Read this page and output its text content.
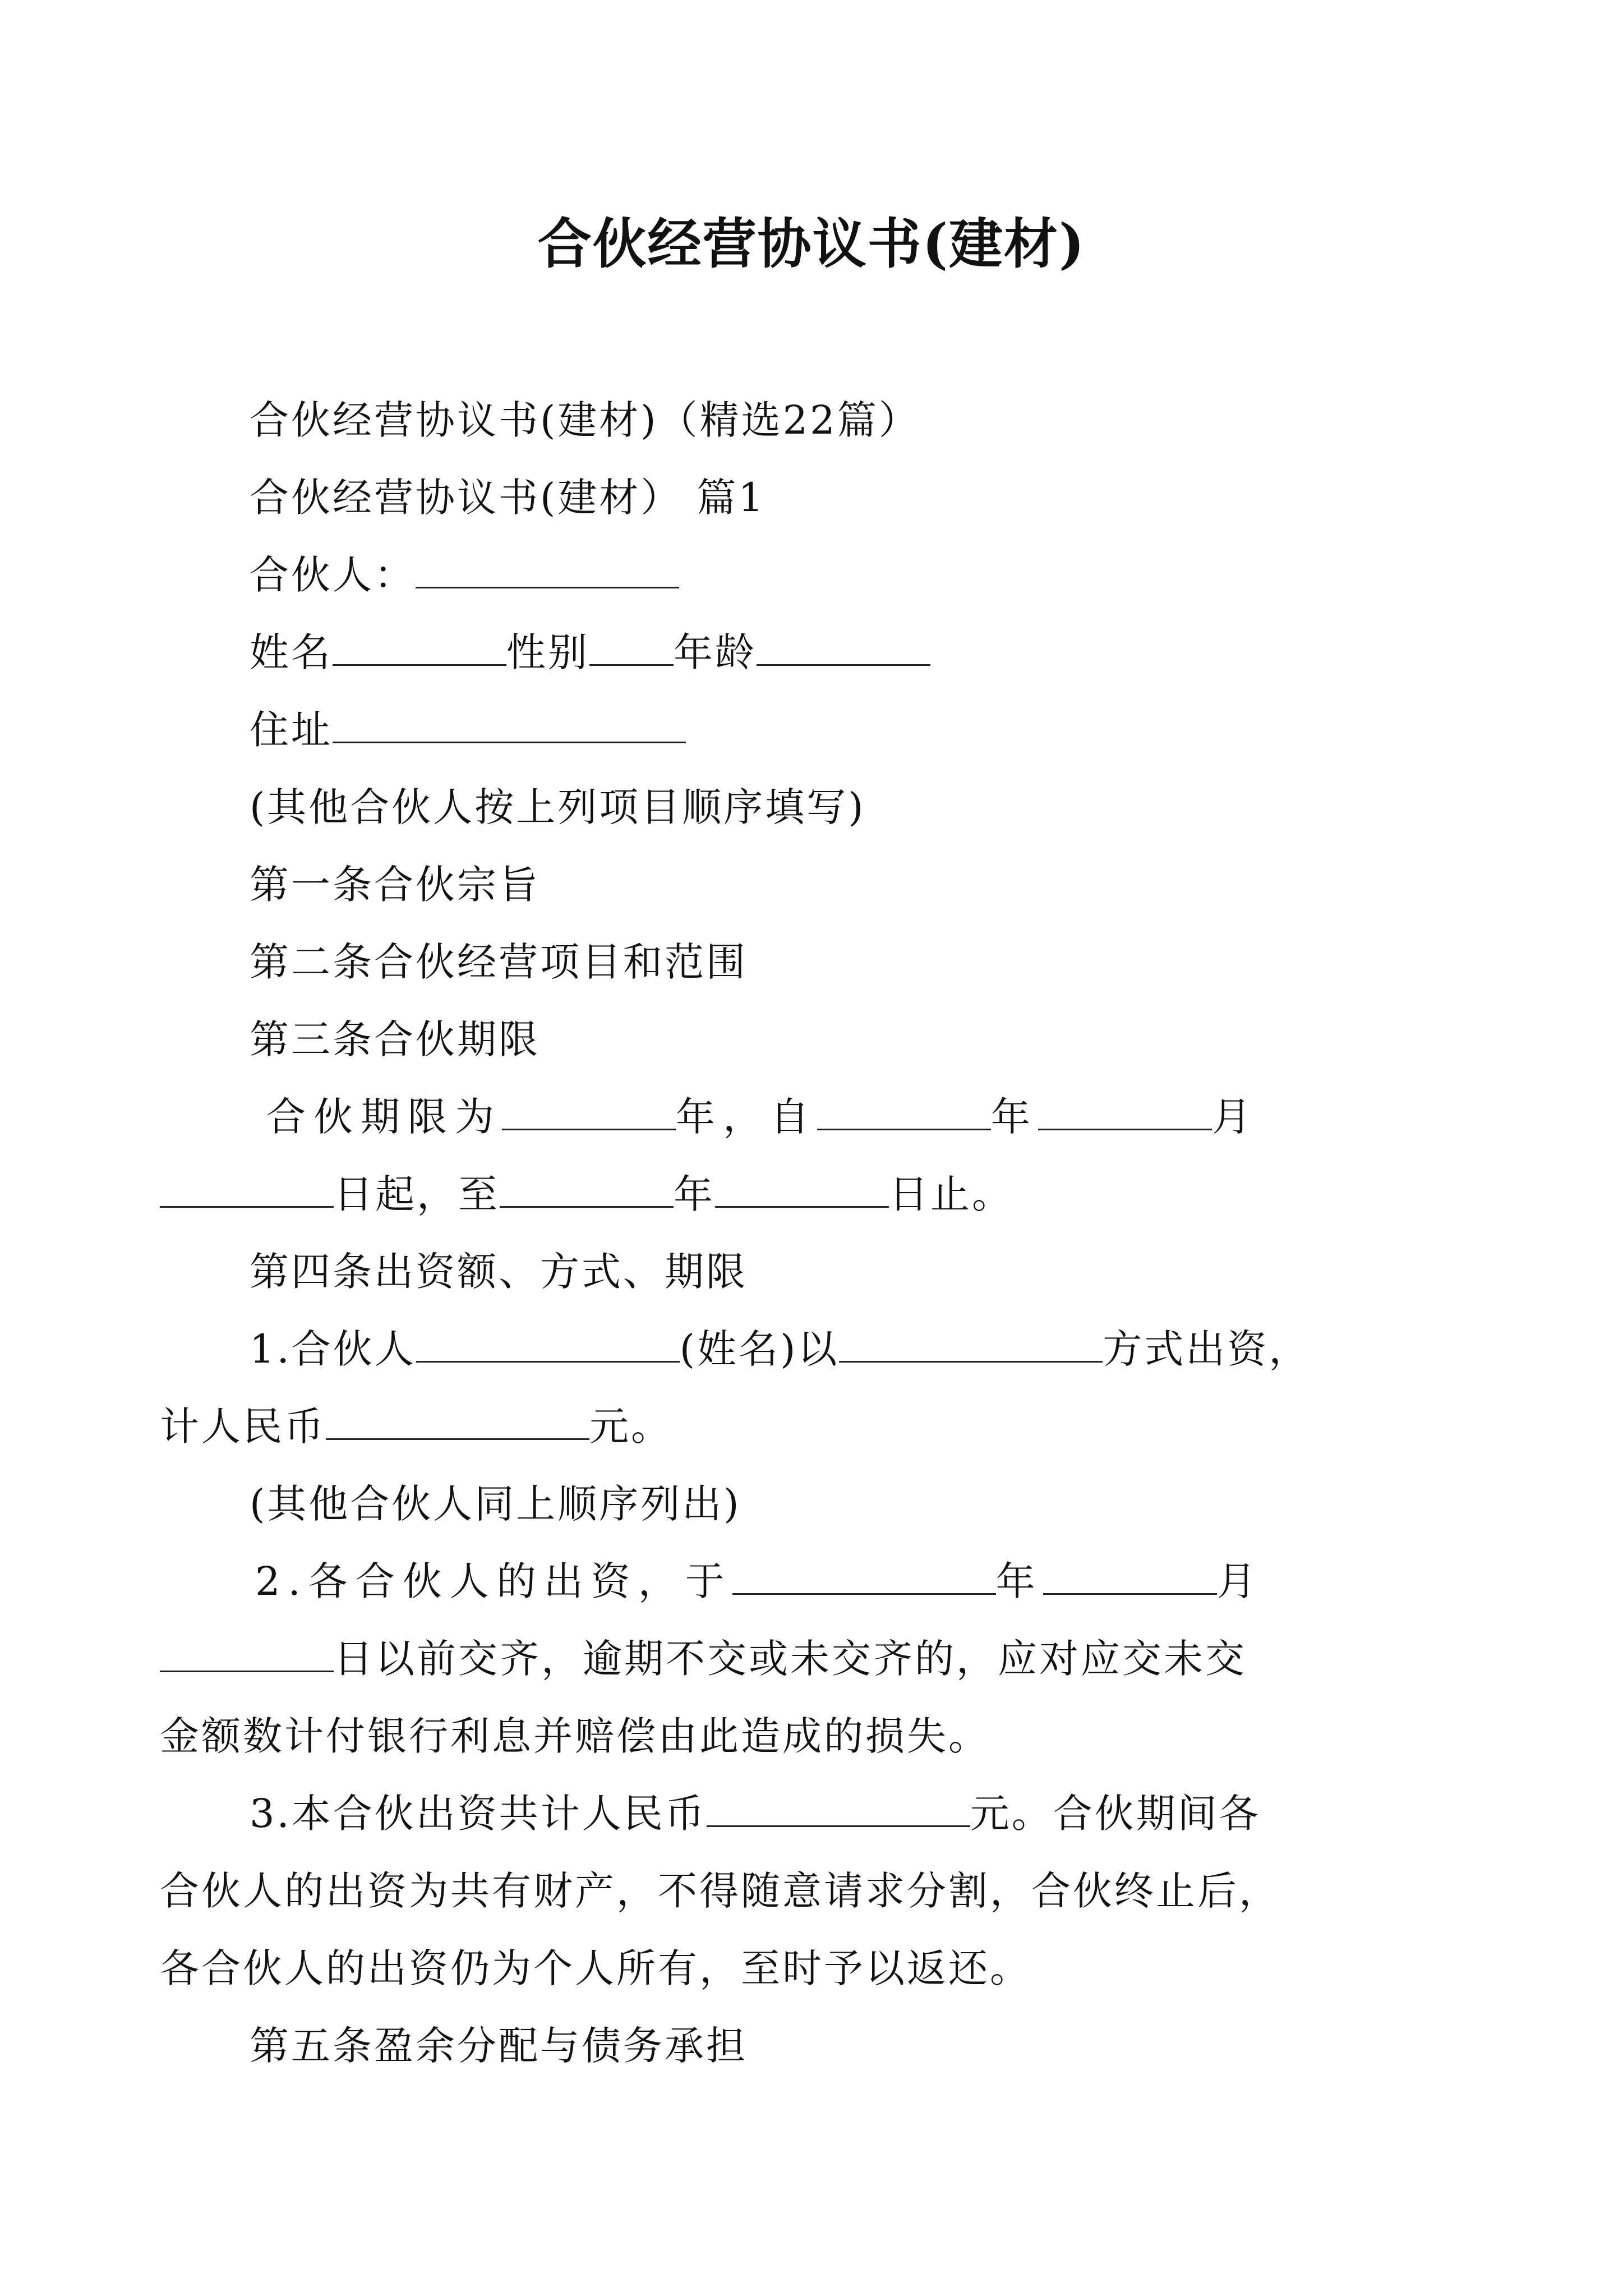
合伙经营协议书(建材)
合伙经营协议书(建材)（精选22篇）
合伙经营协议书(建材） 篇1
合伙人：
姓名	性别 年龄
住址
(其他合伙人按上列项目顺序填写)
第一条合伙宗旨
第二条合伙经营项目和范围
第三条合伙期限
合伙期限为	年，自	年	月
日起，至	年	日止。
第四条出资额、方式、期限
1.合伙人	(姓名)以	方式出资，
计人民币	元。
(其他合伙人同上顺序列出)
2.各合伙人的出资，于	年	月
日以前交齐，逾期不交或未交齐的，应对应交未交
金额数计付银行利息并赔偿由此造成的损失。
3.本合伙出资共计人民币	元。合伙期间各
合伙人的出资为共有财产，不得随意请求分割，合伙终止后，
各合伙人的出资仍为个人所有，至时予以返还。
第五条盈余分配与债务承担
